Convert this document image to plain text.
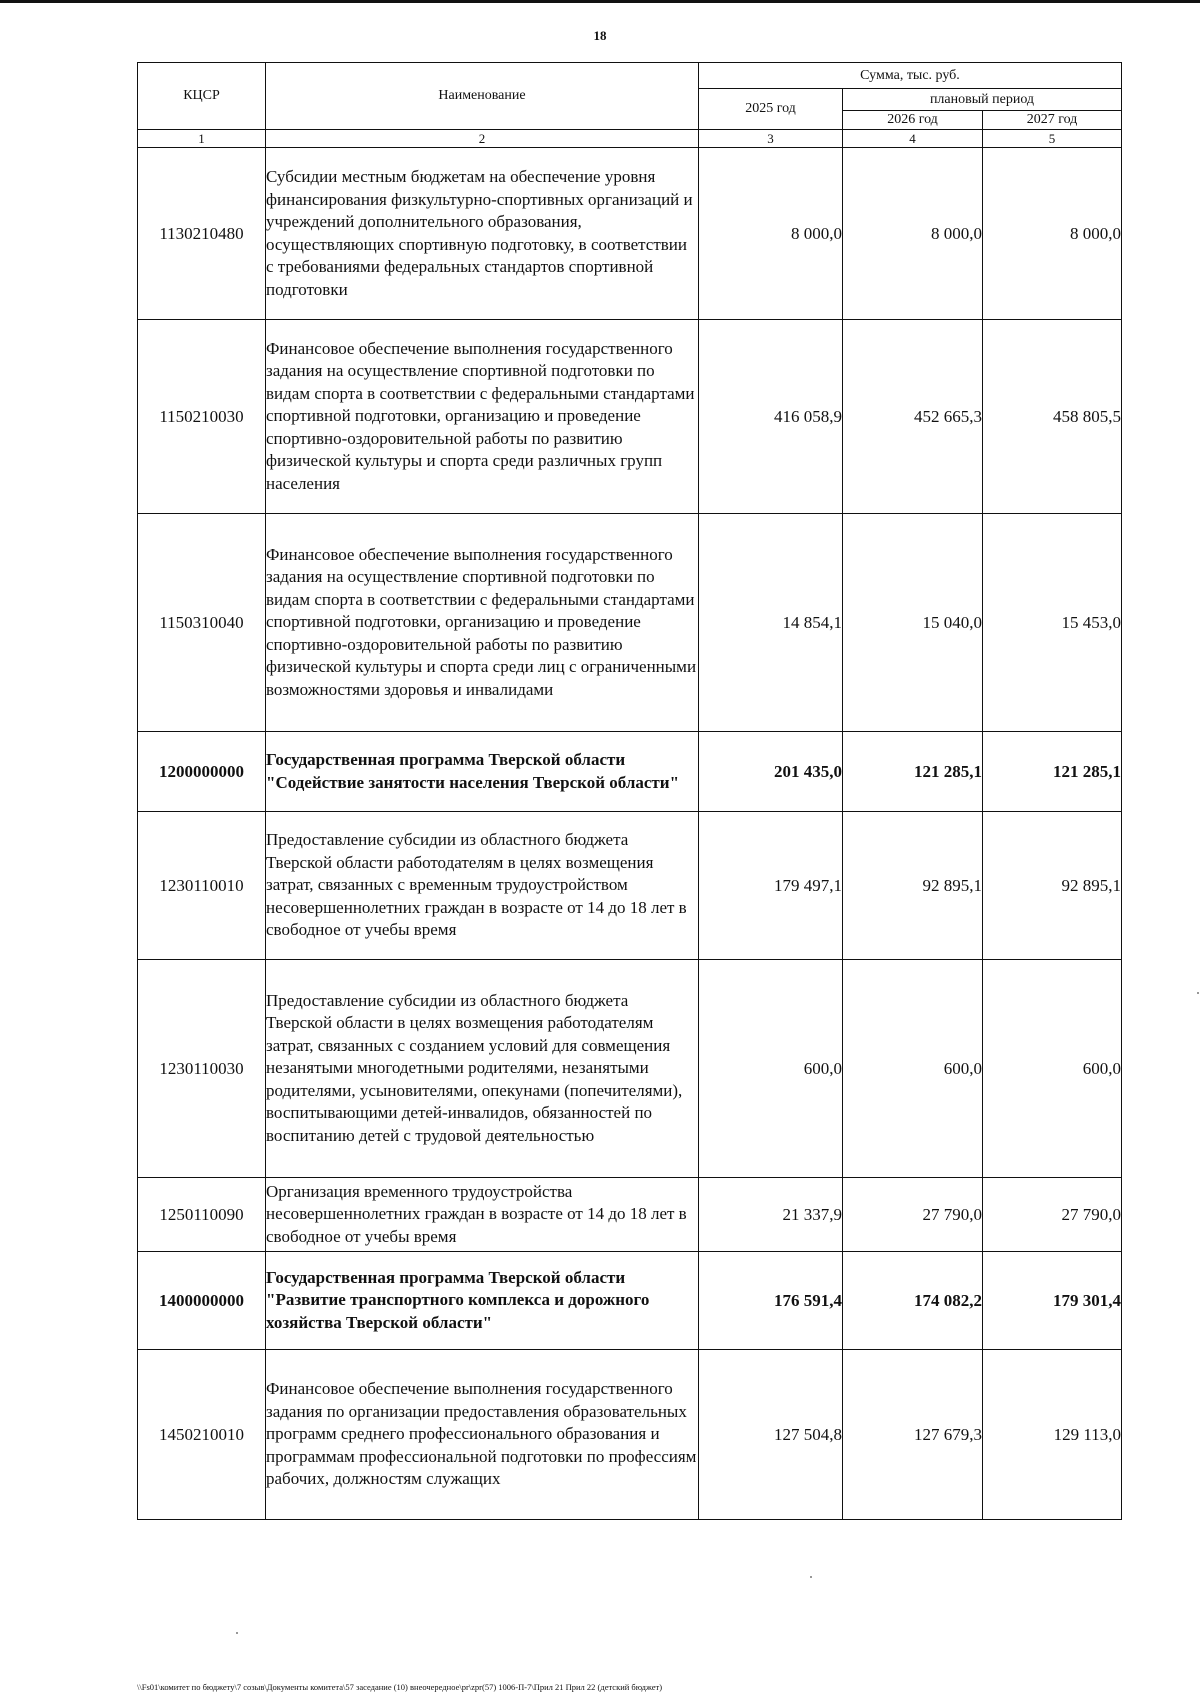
18
КЦСР	Наименование	Сумма, тыс. руб.		
		2025 год	плановый период	
			2026 год	2027 год
1	2	3	4	5
1130210480	Субсидии местным бюджетам на обеспечение уровня финансирования физкультурно-спортивных организаций и учреждений дополнительного образования, осуществляющих спортивную подготовку, в соответствии с требованиями федеральных стандартов спортивной подготовки	8 000,0	8 000,0	8 000,0
1150210030	Финансовое обеспечение выполнения государственного задания на осуществление спортивной подготовки по видам спорта в соответствии с федеральными стандартами спортивной подготовки, организацию и проведение спортивно-оздоровительной работы по развитию физической культуры и спорта среди различных групп населения	416 058,9	452 665,3	458 805,5
1150310040	Финансовое обеспечение выполнения государственного задания на осуществление спортивной подготовки по видам спорта в соответствии с федеральными стандартами спортивной подготовки, организацию и проведение спортивно-оздоровительной работы по развитию физической культуры и спорта среди лиц с ограниченными возможностями здоровья и инвалидами	14 854,1	15 040,0	15 453,0
1200000000	Государственная программа Тверской области "Содействие занятости населения Тверской области"	201 435,0	121 285,1	121 285,1
1230110010	Предоставление субсидии из областного бюджета Тверской области работодателям в целях возмещения затрат, связанных с временным трудоустройством несовершеннолетних граждан в возрасте от 14 до 18 лет в свободное от учебы время	179 497,1	92 895,1	92 895,1
1230110030	Предоставление субсидии из областного бюджета Тверской области в целях возмещения работодателям затрат, связанных с созданием условий для совмещения незанятыми многодетными родителями, незанятыми родителями, усыновителями, опекунами (попечителями), воспитывающими детей-инвалидов, обязанностей по воспитанию детей с трудовой деятельностью	600,0	600,0	600,0
1250110090	Организация временного трудоустройства несовершеннолетних граждан в возрасте от 14 до 18 лет в свободное от учебы время	21 337,9	27 790,0	27 790,0
1400000000	Государственная программа Тверской области "Развитие транспортного комплекса и дорожного хозяйства Тверской области"	176 591,4	174 082,2	179 301,4
1450210010	Финансовое обеспечение выполнения государственного задания по организации предоставления образовательных программ среднего профессионального образования и программам профессиональной подготовки по профессиям рабочих, должностям служащих	127 504,8	127 679,3	129 113,0
\\Fs01\комитет по бюджету\7 созыв\Документы комитета\57 заседание (10) внеочередное\pr\zpr(57) 1006-П-7\Прил 21 Прил 22 (детский бюджет)
